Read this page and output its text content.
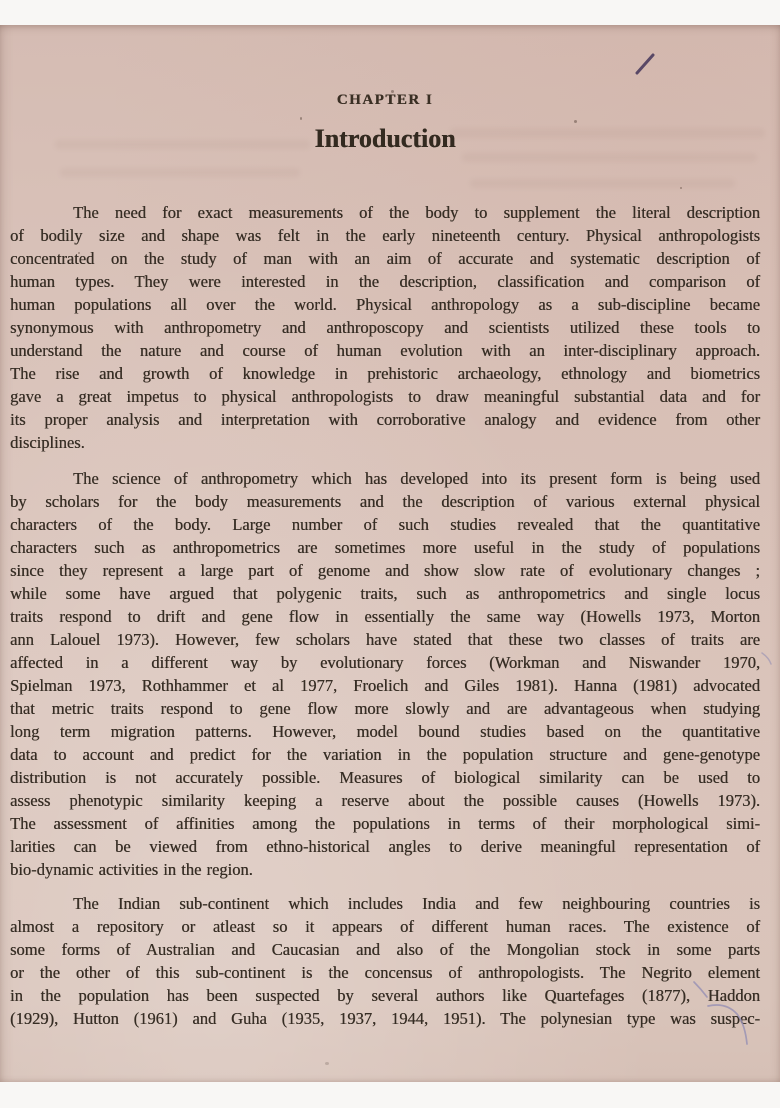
CHAPTER I
Introduction
The need for exact measurements of the body to supplement the literal description
of bodily size and shape was felt in the early nineteenth century. Physical anthropologists
concentrated on the study of man with an aim of accurate and systematic description of
human types. They were interested in the description, classification and comparison of
human populations all over the world. Physical anthropology as a sub-discipline became
synonymous with anthropometry and anthroposcopy and scientists utilized these tools to
understand the nature and course of human evolution with an inter-disciplinary approach.
The rise and growth of knowledge in prehistoric archaeology, ethnology and biometrics
gave a great impetus to physical anthropologists to draw meaningful substantial data and for
its proper analysis and interpretation with corroborative analogy and evidence from other
disciplines.
The science of anthropometry which has developed into its present form is being used
by scholars for the body measurements and the description of various external physical
characters of the body. Large number of such studies revealed that the quantitative
characters such as anthropometrics are sometimes more useful in the study of populations
since they represent a large part of genome and show slow rate of evolutionary changes ;
while some have argued that polygenic traits, such as anthropometrics and single locus
traits respond to drift and gene flow in essentially the same way (Howells 1973, Morton
ann Lalouel 1973). However, few scholars have stated that these two classes of traits are
affected in a different way by evolutionary forces (Workman and Niswander 1970,
Spielman 1973, Rothhammer et al 1977, Froelich and Giles 1981). Hanna (1981) advocated
that metric traits respond to gene flow more slowly and are advantageous when studying
long term migration patterns. However, model bound studies based on the quantitative
data to account and predict for the variation in the population structure and gene-genotype
distribution is not accurately possible. Measures of biological similarity can be used to
assess phenotypic similarity keeping a reserve about the possible causes (Howells 1973).
The assessment of affinities among the populations in terms of their morphological simi-
larities can be viewed from ethno-historical angles to derive meaningful representation of
bio-dynamic activities in the region.
The Indian sub-continent which includes India and few neighbouring countries is
almost a repository or atleast so it appears of different human races. The existence of
some forms of Australian and Caucasian and also of the Mongolian stock in some parts
or the other of this sub-continent is the concensus of anthropologists. The Negrito element
in the population has been suspected by several authors like Quartefages (1877), Haddon
(1929), Hutton (1961) and Guha (1935, 1937, 1944, 1951). The polynesian type was suspec-
